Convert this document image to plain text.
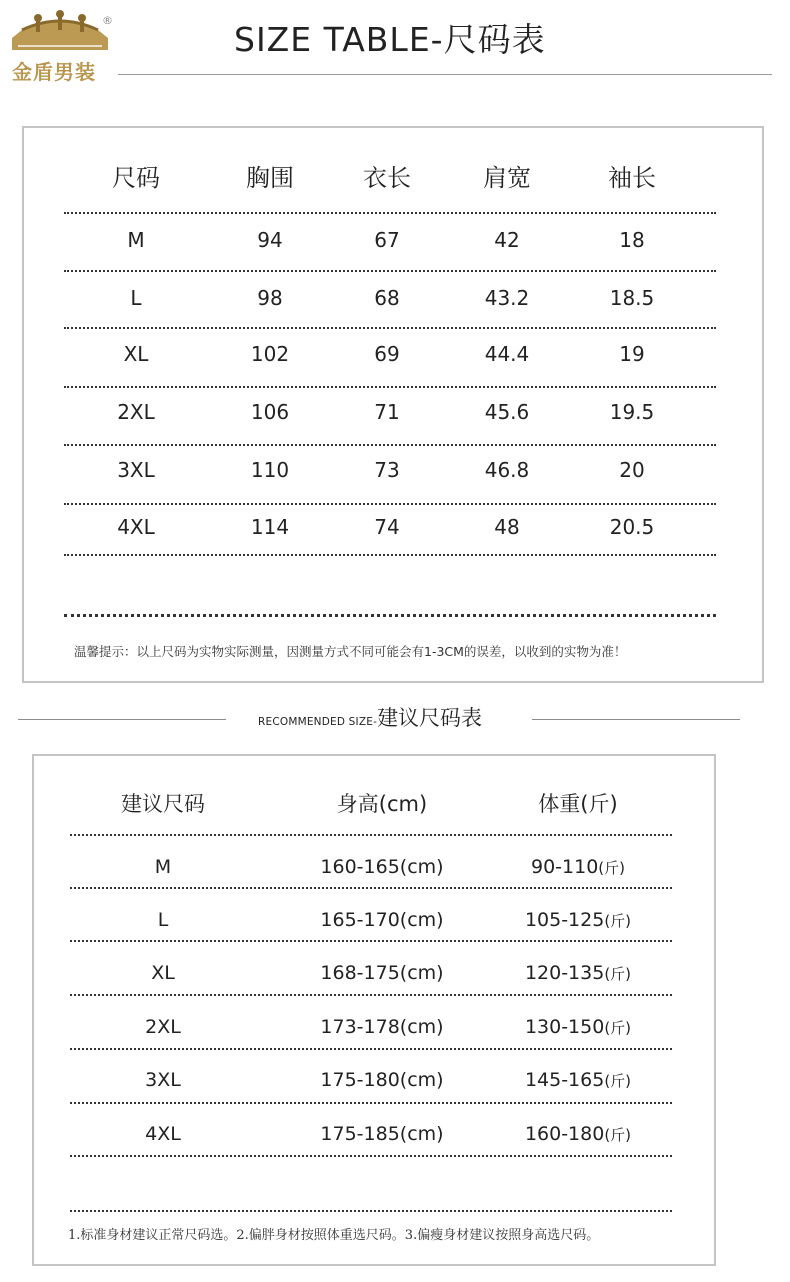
®
金盾男装
SIZE TABLE-尺码表
尺码	胸围	衣长	肩宽	袖长
M	94	67	42	18
L	98	68	43.2	18.5
XL	102	69	44.4	19
2XL	106	71	45.6	19.5
3XL	110	73	46.8	20
4XL	114	74	48	20.5
温馨提示：以上尺码为实物实际测量，因测量方式不同可能会有1-3CM的误差，以收到的实物为准！
RECOMMENDED SIZE-建议尺码表
建议尺码	身高(cm)	体重(斤)
M	160-165(cm)	90-110(斤)
L	165-170(cm)	105-125(斤)
XL	168-175(cm)	120-135(斤)
2XL	173-178(cm)	130-150(斤)
3XL	175-180(cm)	145-165(斤)
4XL	175-185(cm)	160-180(斤)
1.标准身材建议正常尺码选。2.偏胖身材按照体重选尺码。3.偏瘦身材建议按照身高选尺码。
